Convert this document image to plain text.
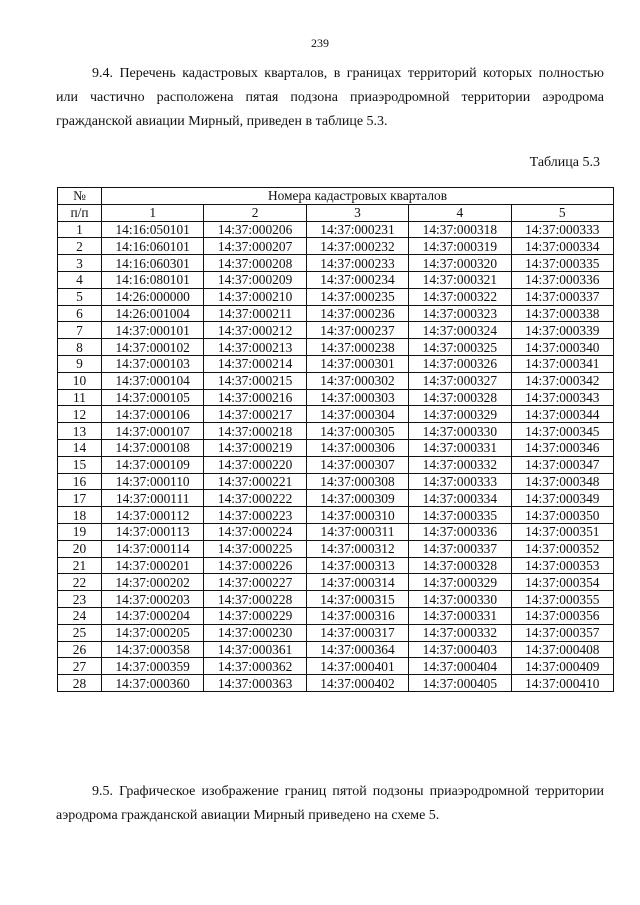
239

9.4. Перечень кадастровых кварталов, в границах территорий которых полностью или частично расположена пятая подзона приаэродромной территории аэродрома гражданской авиации Мирный, приведен в таблице 5.3.

Таблица 5.3
№	Номера кадастровых кварталов				
п/п	1	2	3	4	5
1	14:16:050101	14:37:000206	14:37:000231	14:37:000318	14:37:000333
2	14:16:060101	14:37:000207	14:37:000232	14:37:000319	14:37:000334
3	14:16:060301	14:37:000208	14:37:000233	14:37:000320	14:37:000335
4	14:16:080101	14:37:000209	14:37:000234	14:37:000321	14:37:000336
5	14:26:000000	14:37:000210	14:37:000235	14:37:000322	14:37:000337
6	14:26:001004	14:37:000211	14:37:000236	14:37:000323	14:37:000338
7	14:37:000101	14:37:000212	14:37:000237	14:37:000324	14:37:000339
8	14:37:000102	14:37:000213	14:37:000238	14:37:000325	14:37:000340
9	14:37:000103	14:37:000214	14:37:000301	14:37:000326	14:37:000341
10	14:37:000104	14:37:000215	14:37:000302	14:37:000327	14:37:000342
11	14:37:000105	14:37:000216	14:37:000303	14:37:000328	14:37:000343
12	14:37:000106	14:37:000217	14:37:000304	14:37:000329	14:37:000344
13	14:37:000107	14:37:000218	14:37:000305	14:37:000330	14:37:000345
14	14:37:000108	14:37:000219	14:37:000306	14:37:000331	14:37:000346
15	14:37:000109	14:37:000220	14:37:000307	14:37:000332	14:37:000347
16	14:37:000110	14:37:000221	14:37:000308	14:37:000333	14:37:000348
17	14:37:000111	14:37:000222	14:37:000309	14:37:000334	14:37:000349
18	14:37:000112	14:37:000223	14:37:000310	14:37:000335	14:37:000350
19	14:37:000113	14:37:000224	14:37:000311	14:37:000336	14:37:000351
20	14:37:000114	14:37:000225	14:37:000312	14:37:000337	14:37:000352
21	14:37:000201	14:37:000226	14:37:000313	14:37:000328	14:37:000353
22	14:37:000202	14:37:000227	14:37:000314	14:37:000329	14:37:000354
23	14:37:000203	14:37:000228	14:37:000315	14:37:000330	14:37:000355
24	14:37:000204	14:37:000229	14:37:000316	14:37:000331	14:37:000356
25	14:37:000205	14:37:000230	14:37:000317	14:37:000332	14:37:000357
26	14:37:000358	14:37:000361	14:37:000364	14:37:000403	14:37:000408
27	14:37:000359	14:37:000362	14:37:000401	14:37:000404	14:37:000409
28	14:37:000360	14:37:000363	14:37:000402	14:37:000405	14:37:000410

9.5. Графическое изображение границ пятой подзоны приаэродромной территории аэродрома гражданской авиации Мирный приведено на схеме 5.
